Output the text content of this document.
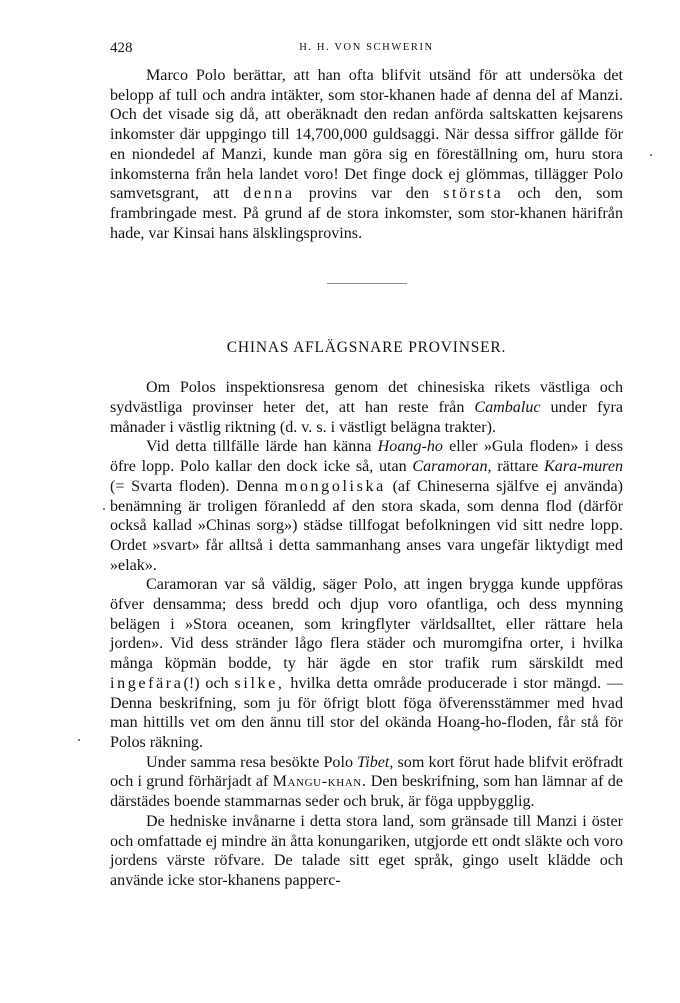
428	H. H. VON SCHWERIN

Marco Polo berättar, att han ofta blifvit utsänd för att undersöka det belopp af tull och andra intäkter, som stor-khanen hade af denna del af Manzi. Och det visade sig då, att oberäknadt den redan anförda saltskatten kejsarens inkomster där uppgingo till 14,700,000 guldsaggi. När dessa siffror gällde för en niondedel af Manzi, kunde man göra sig en föreställning om, huru stora inkomsterna från hela landet voro! Det finge dock ej glömmas, tillägger Polo samvetsgrant, att denna provins var den största och den, som frambringade mest. På grund af de stora inkomster, som stor-khanen härifrån hade, var Kinsai hans älsklingsprovins.

CHINAS AFLÄGSNARE PROVINSER.

Om Polos inspektionsresa genom det chinesiska rikets västliga och sydvästliga provinser heter det, att han reste från Cambaluc under fyra månader i västlig riktning (d. v. s. i västligt belägna trakter).

Vid detta tillfälle lärde han känna Hoang-ho eller »Gula floden» i dess öfre lopp. Polo kallar den dock icke så, utan Caramoran, rättare Kara-muren (= Svarta floden). Denna mongoliska (af Chineserna själfve ej använda) benämning är troligen föranledd af den stora skada, som denna flod (därför också kallad »Chinas sorg») städse tillfogat befolkningen vid sitt nedre lopp. Ordet »svart» får alltså i detta sammanhang anses vara ungefär liktydigt med »elak».

Caramoran var så väldig, säger Polo, att ingen brygga kunde uppföras öfver densamma; dess bredd och djup voro ofantliga, och dess mynning belägen i »Stora oceanen, som kringflyter världsalltet, eller rättare hela jorden». Vid dess stränder lågo flera städer och muromgifna orter, i hvilka många köpmän bodde, ty här ägde en stor trafik rum särskildt med ingefära(!) och silke, hvilka detta område producerade i stor mängd. — Denna beskrifning, som ju för öfrigt blott föga öfverensstämmer med hvad man hittills vet om den ännu till stor del okända Hoang-ho-floden, får stå för Polos räkning.

Under samma resa besökte Polo Tibet, som kort förut hade blifvit eröfradt och i grund förhärjadt af Mangu-khan. Den beskrifning, som han lämnar af de därstädes boende stammarnas seder och bruk, är föga uppbygglig.

De hedniske invånarne i detta stora land, som gränsade till Manzi i öster och omfattade ej mindre än åtta konungariken, utgjorde ett ondt släkte och voro jordens värste röfvare. De talade sitt eget språk, gingo uselt klädde och använde icke stor-khanens papperс-
